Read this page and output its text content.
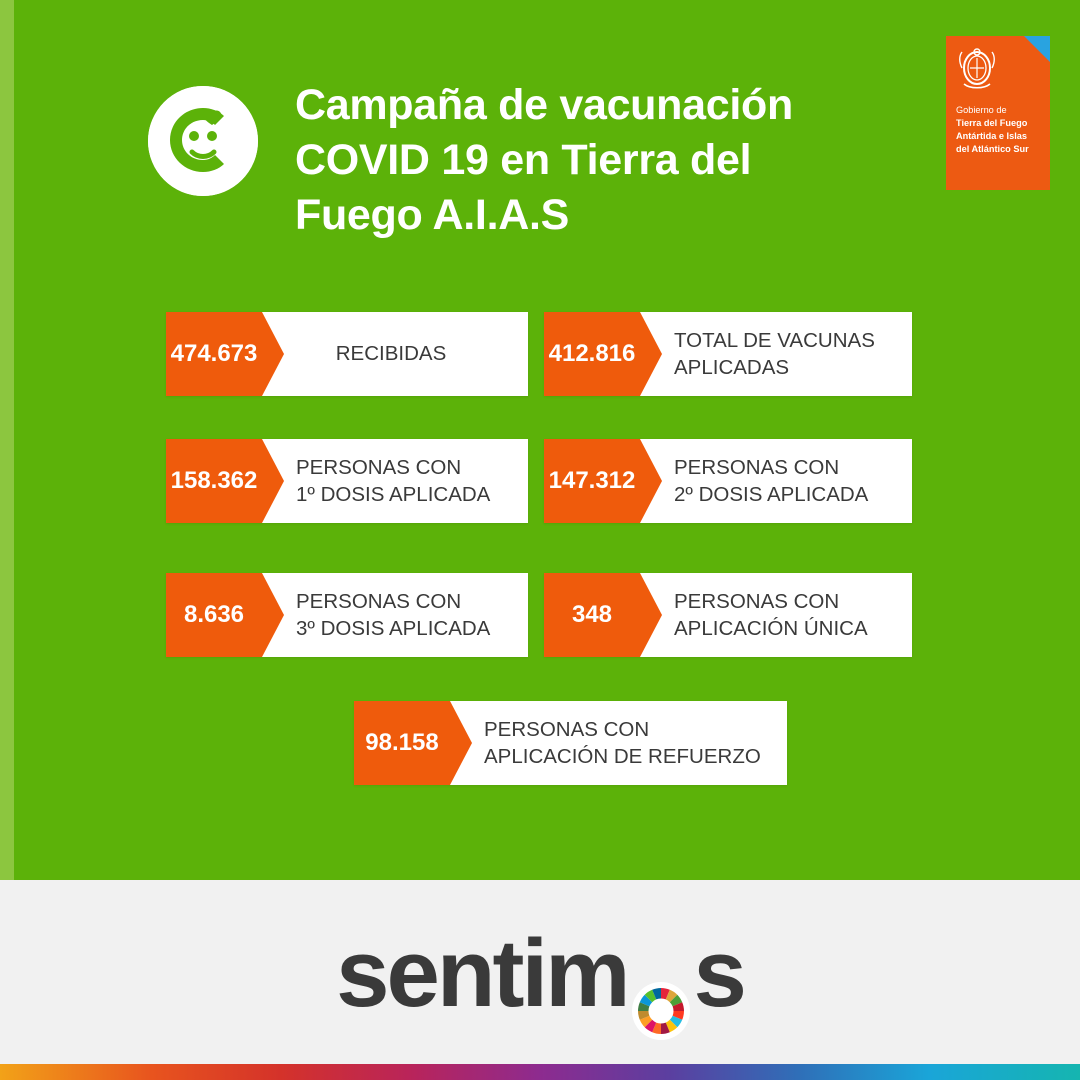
Campaña de vacunación COVID 19 en Tierra del Fuego A.I.A.S
Gobierno de
Tierra del Fuego
Antártida e Islas
del Atlántico Sur
474.673	RECIBIDAS	412.816 TOTAL DE VACUNAS
APLICADAS
158.362 PERSONAS CON
1º DOSIS APLICADA
147.312 PERSONAS CON
2º DOSIS APLICADA
8.636	PERSONAS CON
3º DOSIS APLICADA
348	PERSONAS CON
APLICACIÓN ÚNICA
98.158	PERSONAS CON
APLICACIÓN DE REFUERZO
sentim s
